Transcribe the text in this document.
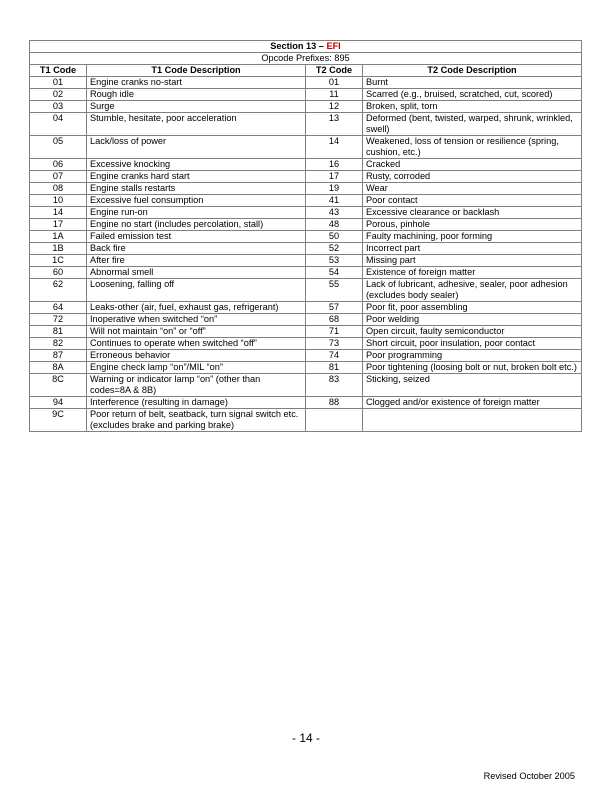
Section 13 – EFI			
Opcode Prefixes: 895			
T1 Code	T1 Code Description	T2 Code	T2 Code Description
01	Engine cranks no-start	01	Burnt
02	Rough idle	11	Scarred (e.g., bruised, scratched, cut, scored)
03	Surge	12	Broken, split, torn
04	Stumble, hesitate, poor acceleration	13	Deformed (bent, twisted, warped, shrunk, wrinkled, swell)
05	Lack/loss of power	14	Weakened, loss of tension or resilience (spring, cushion, etc.)
06	Excessive knocking	16	Cracked
07	Engine cranks hard start	17	Rusty, corroded
08	Engine stalls restarts	19	Wear
10	Excessive fuel consumption	41	Poor contact
14	Engine run-on	43	Excessive clearance or backlash
17	Engine no start (includes percolation, stall)	48	Porous, pinhole
1A	Failed emission test	50	Faulty machining, poor forming
1B	Back fire	52	Incorrect part
1C	After fire	53	Missing part
60	Abnormal smell	54	Existence of foreign matter
62	Loosening, falling off	55	Lack of lubricant, adhesive, sealer, poor adhesion (excludes body sealer)
64	Leaks-other (air, fuel, exhaust gas, refrigerant)	57	Poor fit, poor assembling
72	Inoperative when switched “on”	68	Poor welding
81	Will not maintain “on” or “off”	71	Open circuit, faulty semiconductor
82	Continues to operate when switched “off”	73	Short circuit, poor insulation, poor contact
87	Erroneous behavior	74	Poor programming
8A	Engine check lamp “on”/MIL “on”	81	Poor tightening (loosing bolt or nut, broken bolt etc.)
8C	Warning or indicator lamp “on” (other than codes=8A & 8B)	83	Sticking, seized
94	Interference (resulting in damage)	88	Clogged and/or existence of foreign matter
9C	Poor return of belt, seatback, turn signal switch etc. (excludes brake and parking brake)		
- 14 -
Revised October 2005
